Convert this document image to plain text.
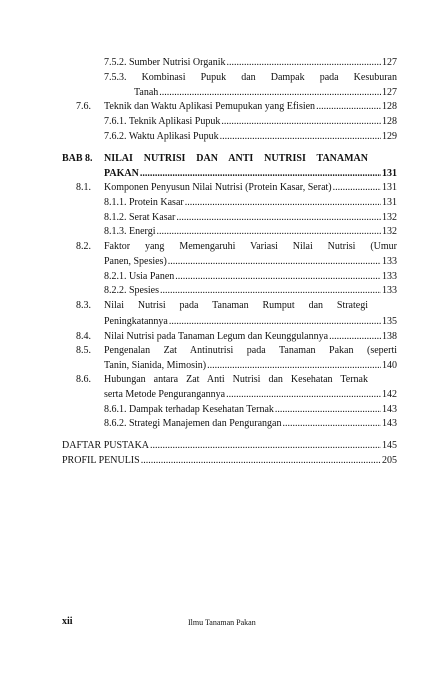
7.5.2. Sumber Nutrisi Organik .....	127
7.5.3. Kombinasi Pupuk dan Dampak pada Kesuburan
Tanah .....	127
7.6. Teknik dan Waktu Aplikasi Pemupukan yang Efisien .....	128
7.6.1. Teknik Aplikasi Pupuk .....	128
7.6.2. Waktu Aplikasi Pupuk .....	129
BAB 8. NILAI NUTRISI DAN ANTI NUTRISI TANAMAN
PAKAN .....	131
8.1. Komponen Penyusun Nilai Nutrisi (Protein Kasar, Serat) .....	131
8.1.1. Protein Kasar .....	131
8.1.2. Serat Kasar .....	132
8.1.3. Energi .....	132
8.2. Faktor yang Memengaruhi Variasi Nilai Nutrisi (Umur
Panen, Spesies) .....	133
8.2.1. Usia Panen .....	133
8.2.2. Spesies .....	133
8.3. Nilai Nutrisi pada Tanaman Rumput dan Strategi
Peningkatannya .....	135
8.4. Nilai Nutrisi pada Tanaman Legum dan Keunggulannya .....	138
8.5. Pengenalan Zat Antinutrisi pada Tanaman Pakan (seperti
Tanin, Sianida, Mimosin) .....	140
8.6. Hubungan antara Zat Anti Nutrisi dan Kesehatan Ternak
serta Metode Pengurangannya .....	142
8.6.1. Dampak terhadap Kesehatan Ternak .....	143
8.6.2. Strategi Manajemen dan Pengurangan .....	143
DAFTAR PUSTAKA .....	145
PROFIL PENULIS .....	205
xii	Ilmu Tanaman Pakan
